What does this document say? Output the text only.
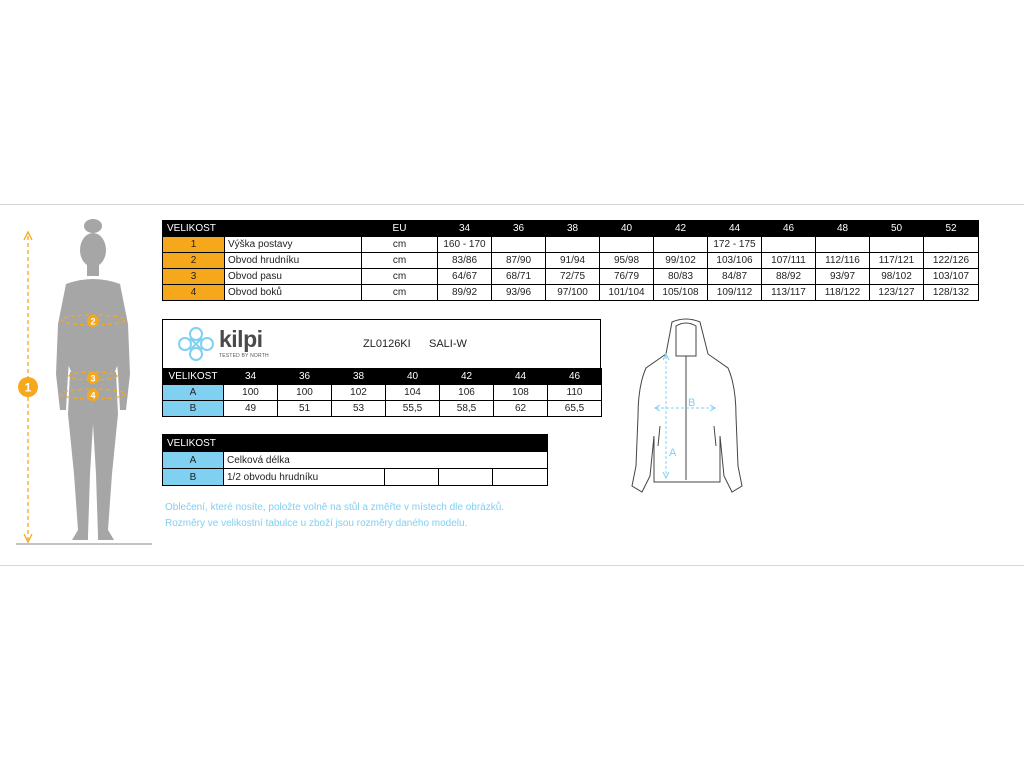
1
2
3
4
VELIKOST		EU	34	36	38	40	42	44	46	48	50	52	
1	Výška postavy	cm	160 - 170					172 - 175					
2	Obvod hrudníku	cm	83/86	87/90	91/94	95/98	99/102	103/106	107/111	112/116	117/121	122/126	
3	Obvod pasu	cm	64/67	68/71	72/75	76/79	80/83	84/87	88/92	93/97	98/102	103/107	
4	Obvod boků	cm	89/92	93/96	97/100	101/104	105/108	109/112	113/117	118/122	123/127	128/132	
kilpi
TESTED BY NORTH
ZL0126KI SALI-W
VELIKOST	34	36	38	40	42	44	46
A	100	100	102	104	106	108	110
B	49	51	53	55,5	58,5	62	65,5
VELIKOST				
A	Celková délka			
B	1/2 obvodu hrudníku			
A
B
Oblečení, které nosíte, položte volně na stůl a změřte v místech dle obrázků.
Rozměry ve velikostní tabulce u zboží jsou rozměry daného modelu.
